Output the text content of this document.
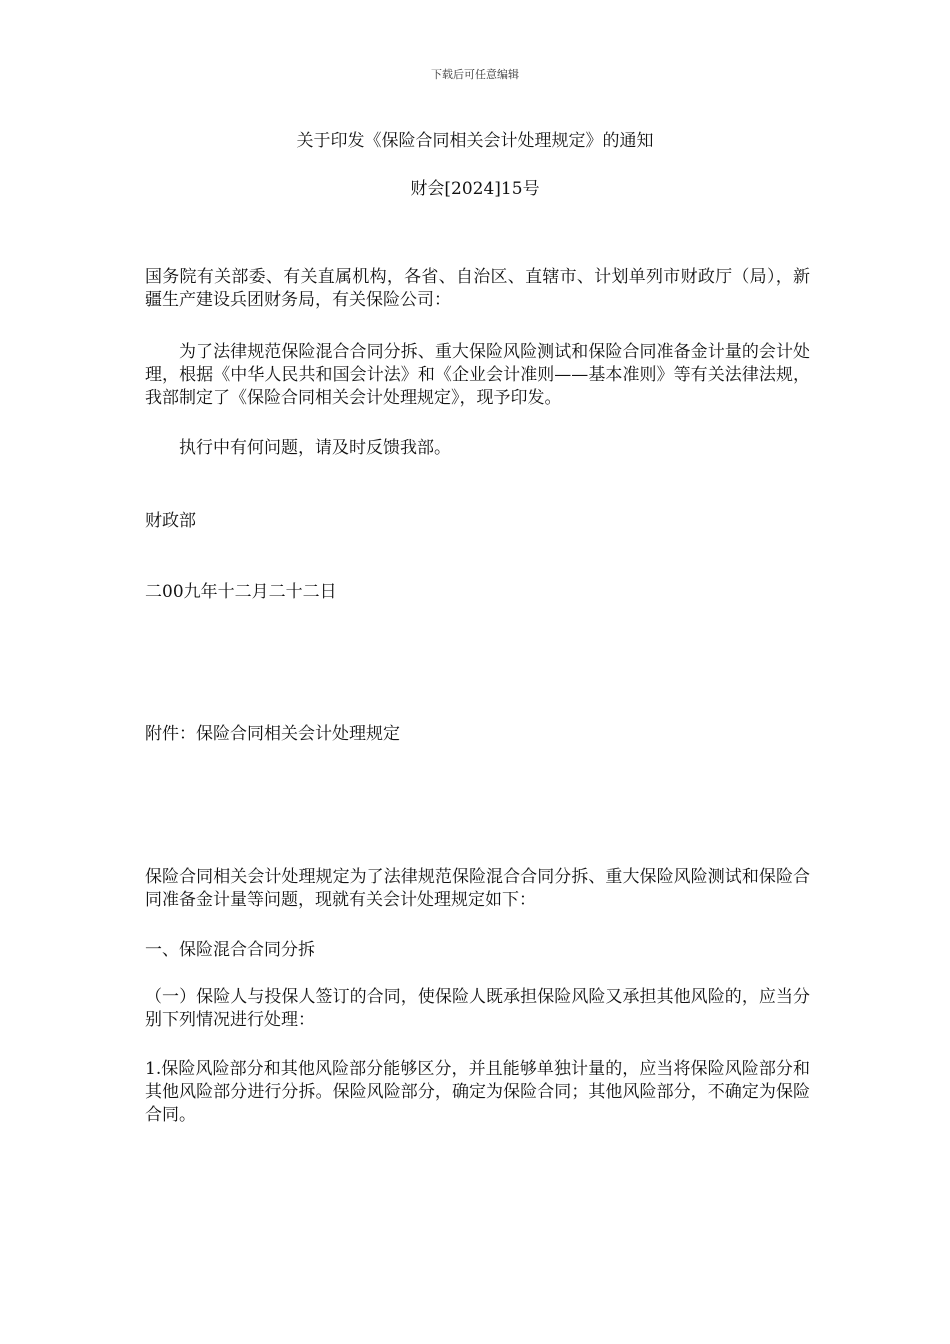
下载后可任意编辑
关于印发《保险合同相关会计处理规定》的通知
财会[2024]15号

国务院有关部委、有关直属机构，各省、自治区、直辖市、计划单列市财政厅（局），新疆生产建设兵团财务局，有关保险公司：

为了法律规范保险混合合同分拆、重大保险风险测试和保险合同准备金计量的会计处理，根据《中华人民共和国会计法》和《企业会计准则——基本准则》等有关法律法规，我部制定了《保险合同相关会计处理规定》，现予印发。

执行中有何问题，请及时反馈我部。

财政部

二00九年十二月二十二日

附件：保险合同相关会计处理规定

保险合同相关会计处理规定为了法律规范保险混合合同分拆、重大保险风险测试和保险合同准备金计量等问题，现就有关会计处理规定如下：

一、保险混合合同分拆

（一）保险人与投保人签订的合同，使保险人既承担保险风险又承担其他风险的，应当分别下列情况进行处理：

1.保险风险部分和其他风险部分能够区分，并且能够单独计量的，应当将保险风险部分和其他风险部分进行分拆。保险风险部分，确定为保险合同；其他风险部分，不确定为保险合同。
